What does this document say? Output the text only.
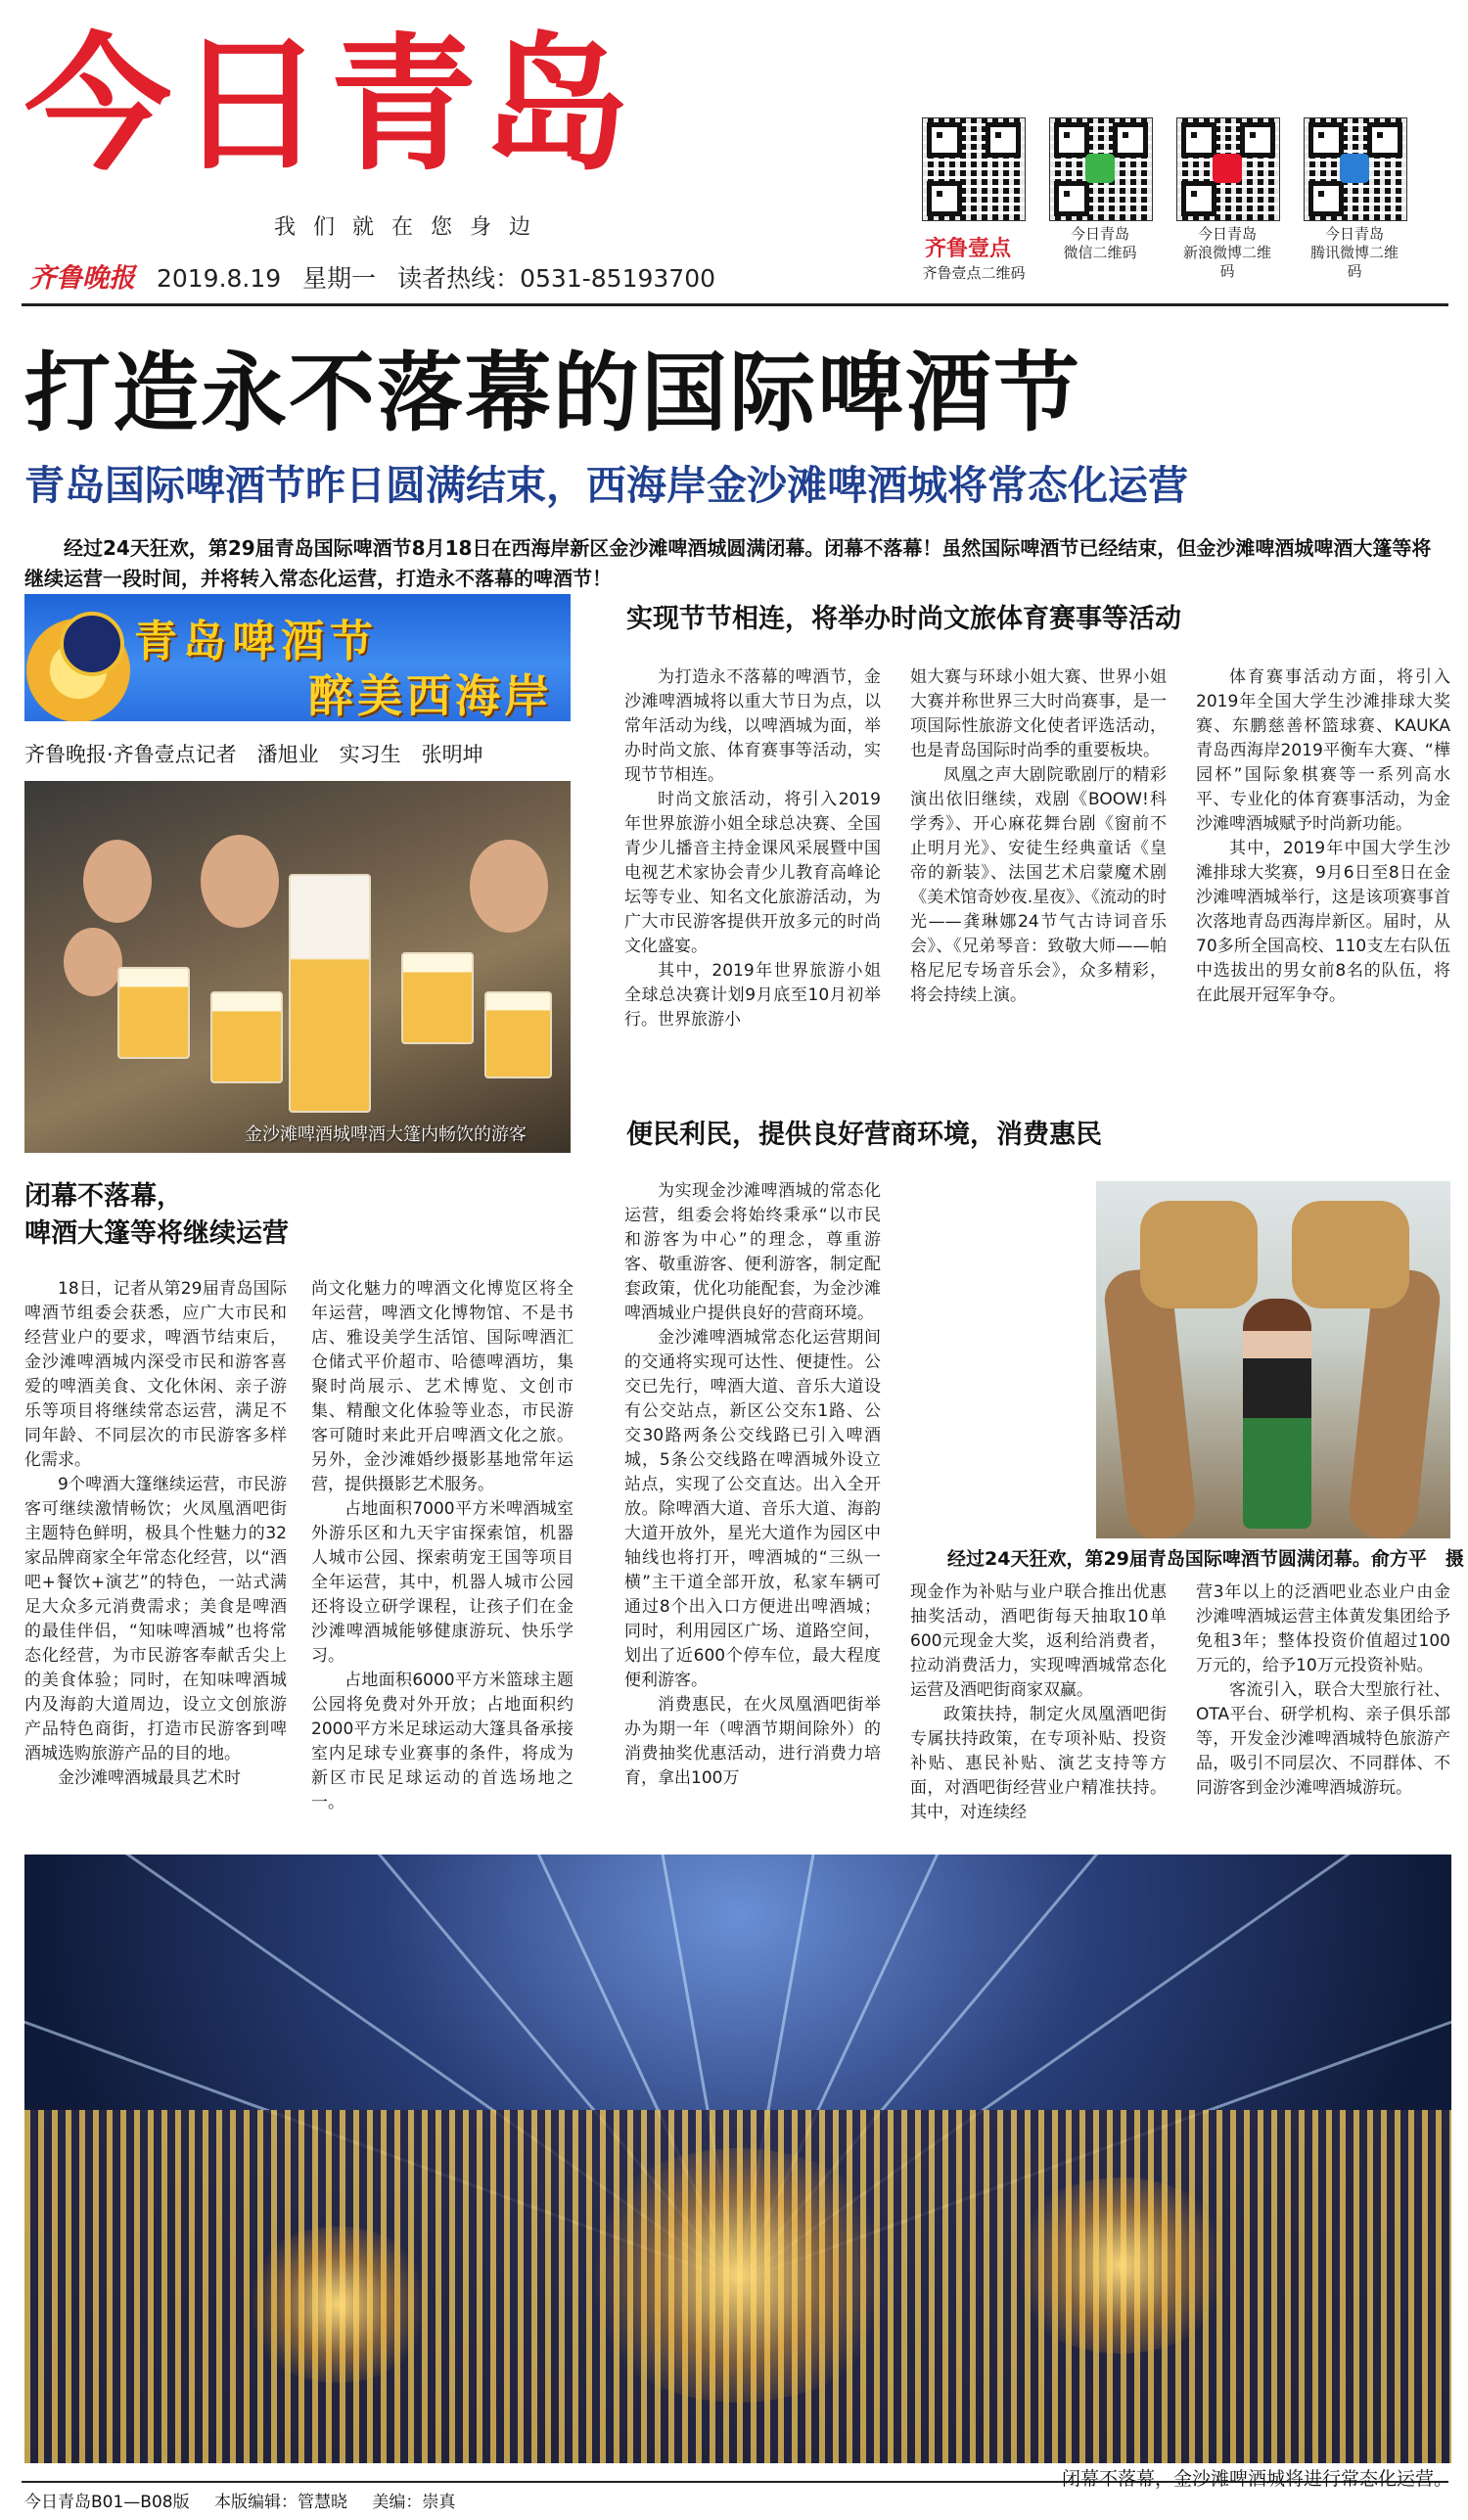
今日青岛
我们就在您身边
齐鲁晚报 2019.8.19 星期一 读者热线：0531-85193700
齐鲁壹点
齐鲁壹点二维码
今日青岛
微信二维码
今日青岛
新浪微博二维码
今日青岛
腾讯微博二维码
打造永不落幕的国际啤酒节
青岛国际啤酒节昨日圆满结束，西海岸金沙滩啤酒城将常态化运营
经过24天狂欢，第29届青岛国际啤酒节8月18日在西海岸新区金沙滩啤酒城圆满闭幕。闭幕不落幕！虽然国际啤酒节已经结束，但金沙滩啤酒城啤酒大篷等将继续运营一段时间，并将转入常态化运营，打造永不落幕的啤酒节！
青岛啤酒节
醉美西海岸
齐鲁晚报·齐鲁壹点记者　潘旭业　实习生　张明坤
金沙滩啤酒城啤酒大篷内畅饮的游客
实现节节相连，将举办时尚文旅体育赛事等活动

为打造永不落幕的啤酒节，金沙滩啤酒城将以重大节日为点，以常年活动为线，以啤酒城为面，举办时尚文旅、体育赛事等活动，实现节节相连。

时尚文旅活动，将引入2019年世界旅游小姐全球总决赛、全国青少儿播音主持金课风采展暨中国电视艺术家协会青少儿教育高峰论坛等专业、知名文化旅游活动，为广大市民游客提供开放多元的时尚文化盛宴。

其中，2019年世界旅游小姐全球总决赛计划9月底至10月初举行。世界旅游小

姐大赛与环球小姐大赛、世界小姐大赛并称世界三大时尚赛事，是一项国际性旅游文化使者评选活动，也是青岛国际时尚季的重要板块。

凤凰之声大剧院歌剧厅的精彩演出依旧继续，戏剧《BOOW!科学秀》、开心麻花舞台剧《窗前不止明月光》、安徒生经典童话《皇帝的新装》、法国艺术启蒙魔术剧《美术馆奇妙夜.星夜》、《流动的时光——龚琳娜24节气古诗词音乐会》、《兄弟琴音：致敬大师——帕格尼尼专场音乐会》，众多精彩，将会持续上演。

体育赛事活动方面，将引入2019年全国大学生沙滩排球大奖赛、东鹏慈善杯篮球赛、KAUKA青岛西海岸2019平衡车大赛、“樺园杯”国际象棋赛等一系列高水平、专业化的体育赛事活动，为金沙滩啤酒城赋予时尚新功能。

其中，2019年中国大学生沙滩排球大奖赛，9月6日至8日在金沙滩啤酒城举行，这是该项赛事首次落地青岛西海岸新区。届时，从70多所全国高校、110支左右队伍中选拔出的男女前8名的队伍，将在此展开冠军争夺。

闭幕不落幕，
啤酒大篷等将继续运营

18日，记者从第29届青岛国际啤酒节组委会获悉，应广大市民和经营业户的要求，啤酒节结束后，金沙滩啤酒城内深受市民和游客喜爱的啤酒美食、文化休闲、亲子游乐等项目将继续常态运营，满足不同年龄、不同层次的市民游客多样化需求。

9个啤酒大篷继续运营，市民游客可继续激情畅饮；火凤凰酒吧街主题特色鲜明，极具个性魅力的32家品牌商家全年常态化经营，以“酒吧+餐饮+演艺”的特色，一站式满足大众多元消费需求；美食是啤酒的最佳伴侣，“知味啤酒城”也将常态化经营，为市民游客奉献舌尖上的美食体验；同时，在知味啤酒城内及海韵大道周边，设立文创旅游产品特色商街，打造市民游客到啤酒城选购旅游产品的目的地。

金沙滩啤酒城最具艺术时

尚文化魅力的啤酒文化博览区将全年运营，啤酒文化博物馆、不是书店、雅设美学生活馆、国际啤酒汇仓储式平价超市、哈德啤酒坊，集聚时尚展示、艺术博览、文创市集、精酿文化体验等业态，市民游客可随时来此开启啤酒文化之旅。另外，金沙滩婚纱摄影基地常年运营，提供摄影艺术服务。

占地面积7000平方米啤酒城室外游乐区和九天宇宙探索馆，机器人城市公园、探索萌宠王国等项目全年运营，其中，机器人城市公园还将设立研学课程，让孩子们在金沙滩啤酒城能够健康游玩、快乐学习。

占地面积6000平方米篮球主题公园将免费对外开放；占地面积约2000平方米足球运动大篷具备承接室内足球专业赛事的条件，将成为新区市民足球运动的首选场地之一。

便民利民，提供良好营商环境，消费惠民

为实现金沙滩啤酒城的常态化运营，组委会将始终秉承“以市民和游客为中心”的理念，尊重游客、敬重游客、便利游客，制定配套政策，优化功能配套，为金沙滩啤酒城业户提供良好的营商环境。

金沙滩啤酒城常态化运营期间的交通将实现可达性、便捷性。公交已先行，啤酒大道、音乐大道设有公交站点，新区公交东1路、公交30路两条公交线路已引入啤酒城，5条公交线路在啤酒城外设立站点，实现了公交直达。出入全开放。除啤酒大道、音乐大道、海韵大道开放外，星光大道作为园区中轴线也将打开，啤酒城的“三纵一横”主干道全部开放，私家车辆可通过8个出入口方便进出啤酒城；同时，利用园区广场、道路空间，划出了近600个停车位，最大程度便利游客。

消费惠民，在火凤凰酒吧街举办为期一年（啤酒节期间除外）的消费抽奖优惠活动，进行消费力培育，拿出100万

经过24天狂欢，第29届青岛国际啤酒节圆满闭幕。俞方平　摄

现金作为补贴与业户联合推出优惠抽奖活动，酒吧街每天抽取10单600元现金大奖，返利给消费者，拉动消费活力，实现啤酒城常态化运营及酒吧街商家双赢。

政策扶持，制定火凤凰酒吧街专属扶持政策，在专项补贴、投资补贴、惠民补贴、演艺支持等方面，对酒吧街经营业户精准扶持。其中，对连续经

营3年以上的泛酒吧业态业户由金沙滩啤酒城运营主体黄发集团给予免租3年；整体投资价值超过100万元的，给予10万元投资补贴。

客流引入，联合大型旅行社、OTA平台、研学机构、亲子俱乐部等，开发金沙滩啤酒城特色旅游产品，吸引不同层次、不同群体、不同游客到金沙滩啤酒城游玩。

闭幕不落幕，金沙滩啤酒城将进行常态化运营。
今日青岛B01—B08版 本版编辑：管慧晓 美编：崇真
